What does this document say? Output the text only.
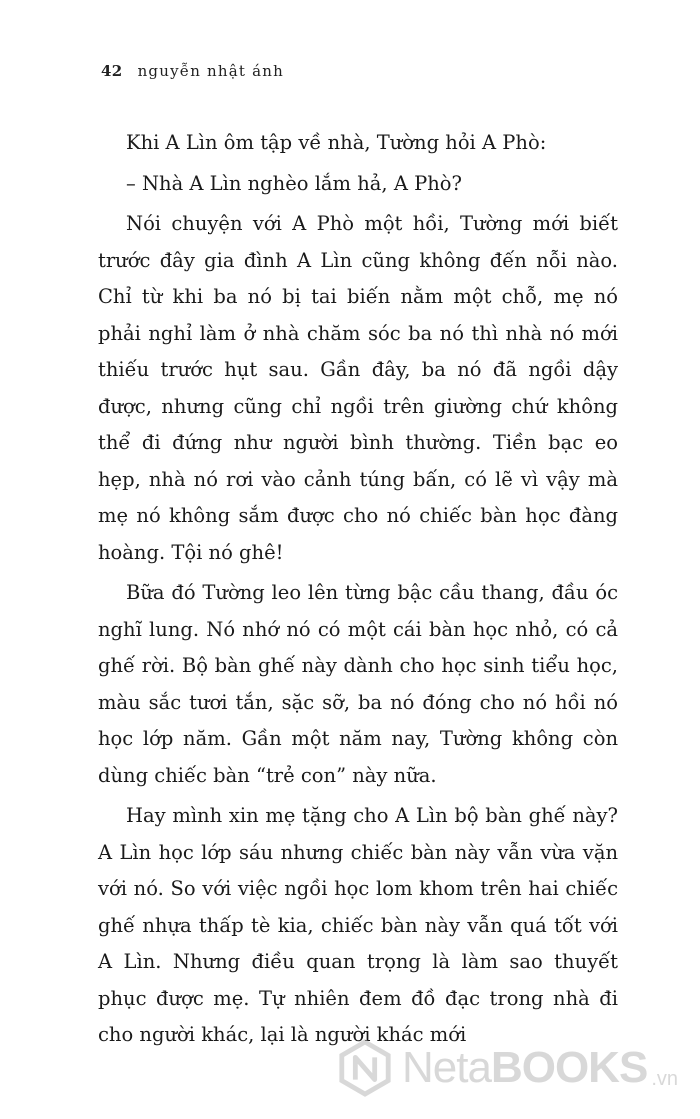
42 nguyễn nhật ánh

Khi A Lìn ôm tập về nhà, Tường hỏi A Phò:

– Nhà A Lìn nghèo lắm hả, A Phò?

Nói chuyện với A Phò một hồi, Tường mới biết trước đây gia đình A Lìn cũng không đến nỗi nào. Chỉ từ khi ba nó bị tai biến nằm một chỗ, mẹ nó phải nghỉ làm ở nhà chăm sóc ba nó thì nhà nó mới thiếu trước hụt sau. Gần đây, ba nó đã ngồi dậy được, nhưng cũng chỉ ngồi trên giường chứ không thể đi đứng như người bình thường. Tiền bạc eo hẹp, nhà nó rơi vào cảnh túng bấn, có lẽ vì vậy mà mẹ nó không sắm được cho nó chiếc bàn học đàng hoàng. Tội nó ghê!

Bữa đó Tường leo lên từng bậc cầu thang, đầu óc nghĩ lung. Nó nhớ nó có một cái bàn học nhỏ, có cả ghế rời. Bộ bàn ghế này dành cho học sinh tiểu học, màu sắc tươi tắn, sặc sỡ, ba nó đóng cho nó hồi nó học lớp năm. Gần một năm nay, Tường không còn dùng chiếc bàn “trẻ con” này nữa.

Hay mình xin mẹ tặng cho A Lìn bộ bàn ghế này? A Lìn học lớp sáu nhưng chiếc bàn này vẫn vừa vặn với nó. So với việc ngồi học lom khom trên hai chiếc ghế nhựa thấp tè kia, chiếc bàn này vẫn quá tốt với A Lìn. Nhưng điều quan trọng là làm sao thuyết phục được mẹ. Tự nhiên đem đồ đạc trong nhà đi cho người khác, lại là người khác mới

NetaBOOKS .vn
